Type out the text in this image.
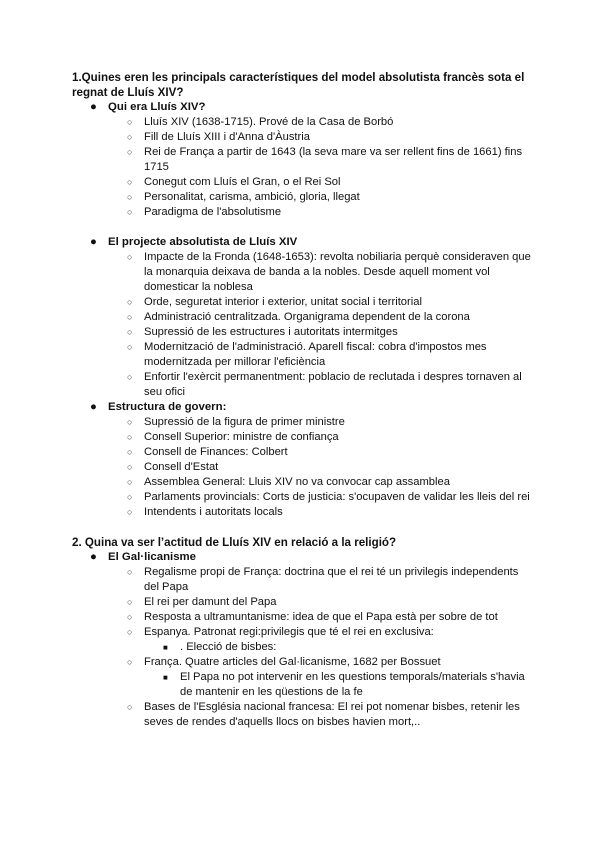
1.Quines eren les principals característiques del model absolutista francès sota el regnat de Lluís XIV?

● Qui era Lluís XIV?
○ Lluís XIV (1638-1715). Prové de la Casa de Borbó
○ Fill de Lluís XIII i d'Anna d'Àustria
○ Rei de França a partir de 1643 (la seva mare va ser rellent fins de 1661) fins 1715
○ Conegut com Lluís el Gran, o el Rei Sol
○ Personalitat, carisma, ambició, gloria, llegat
○ Paradigma de l'absolutisme
● El projecte absolutista de Lluís XIV
○ Impacte de la Fronda (1648-1653): revolta nobiliaria perquè consideraven que la monarquia deixava de banda a la nobles. Desde aquell moment vol domesticar la noblesa
○ Orde, seguretat interior i exterior, unitat social i territorial
○ Administració centralitzada. Organigrama dependent de la corona
○ Supressió de les estructures i autoritats intermitges
○ Modernització de l'administració. Aparell fiscal: cobra d'impostos mes modernitzada per millorar l'eficiència
○ Enfortir l'exèrcit permanentment: poblacio de reclutada i despres tornaven al seu ofici
● Estructura de govern:
○ Supressió de la figura de primer ministre
○ Consell Superior: ministre de confiança
○ Consell de Finances: Colbert
○ Consell d'Estat
○ Assemblea General: Lluis XIV no va convocar cap assamblea
○ Parlaments provincials: Corts de justicia: s'ocupaven de validar les lleis del rei
○ Intendents i autoritats locals

2. Quina va ser l’actitud de Lluís XIV en relació a la religió?

● El Gal·licanisme
○ Regalisme propi de França: doctrina que el rei té un privilegis independents del Papa
○ El rei per damunt del Papa
○ Resposta a ultramuntanisme: idea de que el Papa està per sobre de tot
○ Espanya. Patronat regi:privilegis que té el rei en exclusiva:
■ . Elecció de bisbes:
○ França. Quatre articles del Gal·licanisme, 1682 per Bossuet
■ El Papa no pot intervenir en les questions temporals/materials s'havia de mantenir en les qüestions de la fe
○ Bases de l'Església nacional francesa: El rei pot nomenar bisbes, retenir les seves de rendes d'aquells llocs on bisbes havien mort,..
